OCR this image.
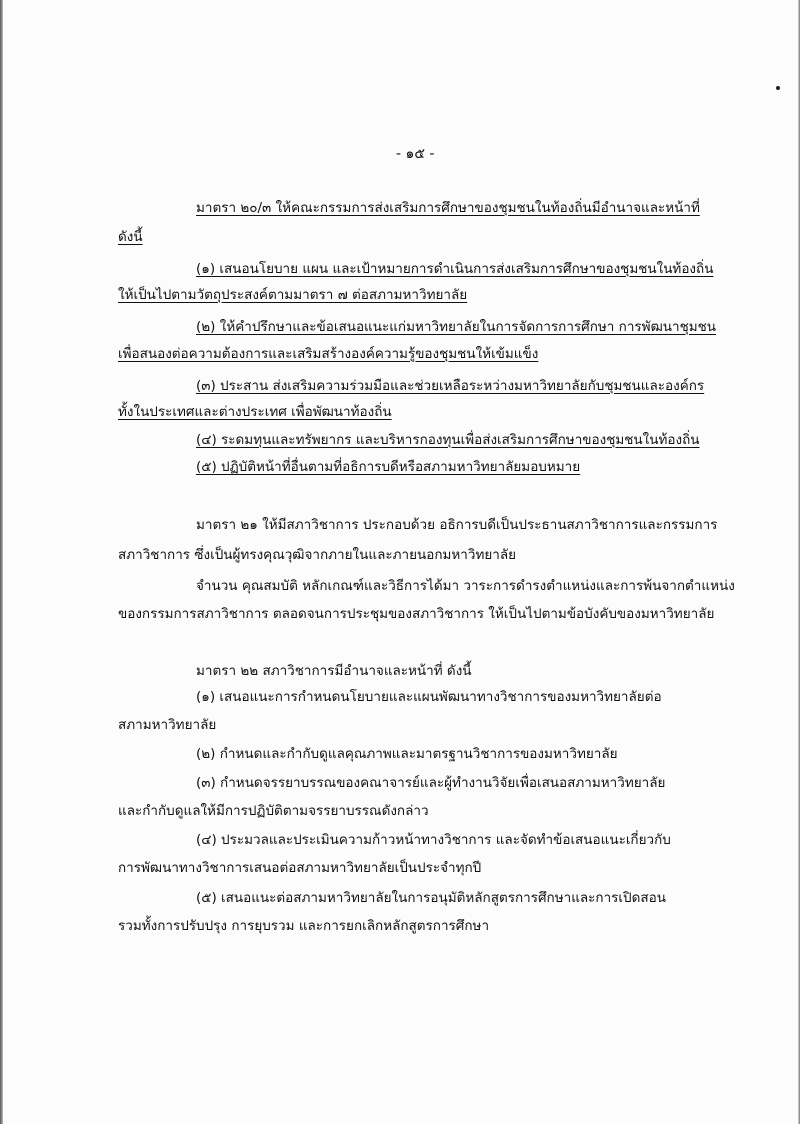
- ๑๕ -
มาตรา ๒๐/๓ ให้คณะกรรมการส่งเสริมการศึกษาของชุมชนในท้องถิ่นมีอำนาจและหน้าที่
ดังนี้
(๑) เสนอนโยบาย แผน และเป้าหมายการดำเนินการส่งเสริมการศึกษาของชุมชนในท้องถิ่น
ให้เป็นไปตามวัตถุประสงค์ตามมาตรา ๗ ต่อสภามหาวิทยาลัย
(๒) ให้คำปรึกษาและข้อเสนอแนะแก่มหาวิทยาลัยในการจัดการการศึกษา การพัฒนาชุมชน
เพื่อสนองต่อความต้องการและเสริมสร้างองค์ความรู้ของชุมชนให้เข้มแข็ง
(๓) ประสาน ส่งเสริมความร่วมมือและช่วยเหลือระหว่างมหาวิทยาลัยกับชุมชนและองค์กร
ทั้งในประเทศและต่างประเทศ เพื่อพัฒนาท้องถิ่น
(๔) ระดมทุนและทรัพยากร และบริหารกองทุนเพื่อส่งเสริมการศึกษาของชุมชนในท้องถิ่น
(๕) ปฏิบัติหน้าที่อื่นตามที่อธิการบดีหรือสภามหาวิทยาลัยมอบหมาย
มาตรา ๒๑ ให้มีสภาวิชาการ ประกอบด้วย อธิการบดีเป็นประธานสภาวิชาการและกรรมการ
สภาวิชาการ ซึ่งเป็นผู้ทรงคุณวุฒิจากภายในและภายนอกมหาวิทยาลัย
จำนวน คุณสมบัติ หลักเกณฑ์และวิธีการได้มา วาระการดำรงตำแหน่งและการพ้นจากตำแหน่ง
ของกรรมการสภาวิชาการ ตลอดจนการประชุมของสภาวิชาการ ให้เป็นไปตามข้อบังคับของมหาวิทยาลัย
มาตรา ๒๒ สภาวิชาการมีอำนาจและหน้าที่ ดังนี้
(๑) เสนอแนะการกำหนดนโยบายและแผนพัฒนาทางวิชาการของมหาวิทยาลัยต่อ
สภามหาวิทยาลัย
(๒) กำหนดและกำกับดูแลคุณภาพและมาตรฐานวิชาการของมหาวิทยาลัย
(๓) กำหนดจรรยาบรรณของคณาจารย์และผู้ทำงานวิจัยเพื่อเสนอสภามหาวิทยาลัย
และกำกับดูแลให้มีการปฏิบัติตามจรรยาบรรณดังกล่าว
(๔) ประมวลและประเมินความก้าวหน้าทางวิชาการ และจัดทำข้อเสนอแนะเกี่ยวกับ
การพัฒนาทางวิชาการเสนอต่อสภามหาวิทยาลัยเป็นประจำทุกปี
(๕) เสนอแนะต่อสภามหาวิทยาลัยในการอนุมัติหลักสูตรการศึกษาและการเปิดสอน
รวมทั้งการปรับปรุง การยุบรวม และการยกเลิกหลักสูตรการศึกษา
